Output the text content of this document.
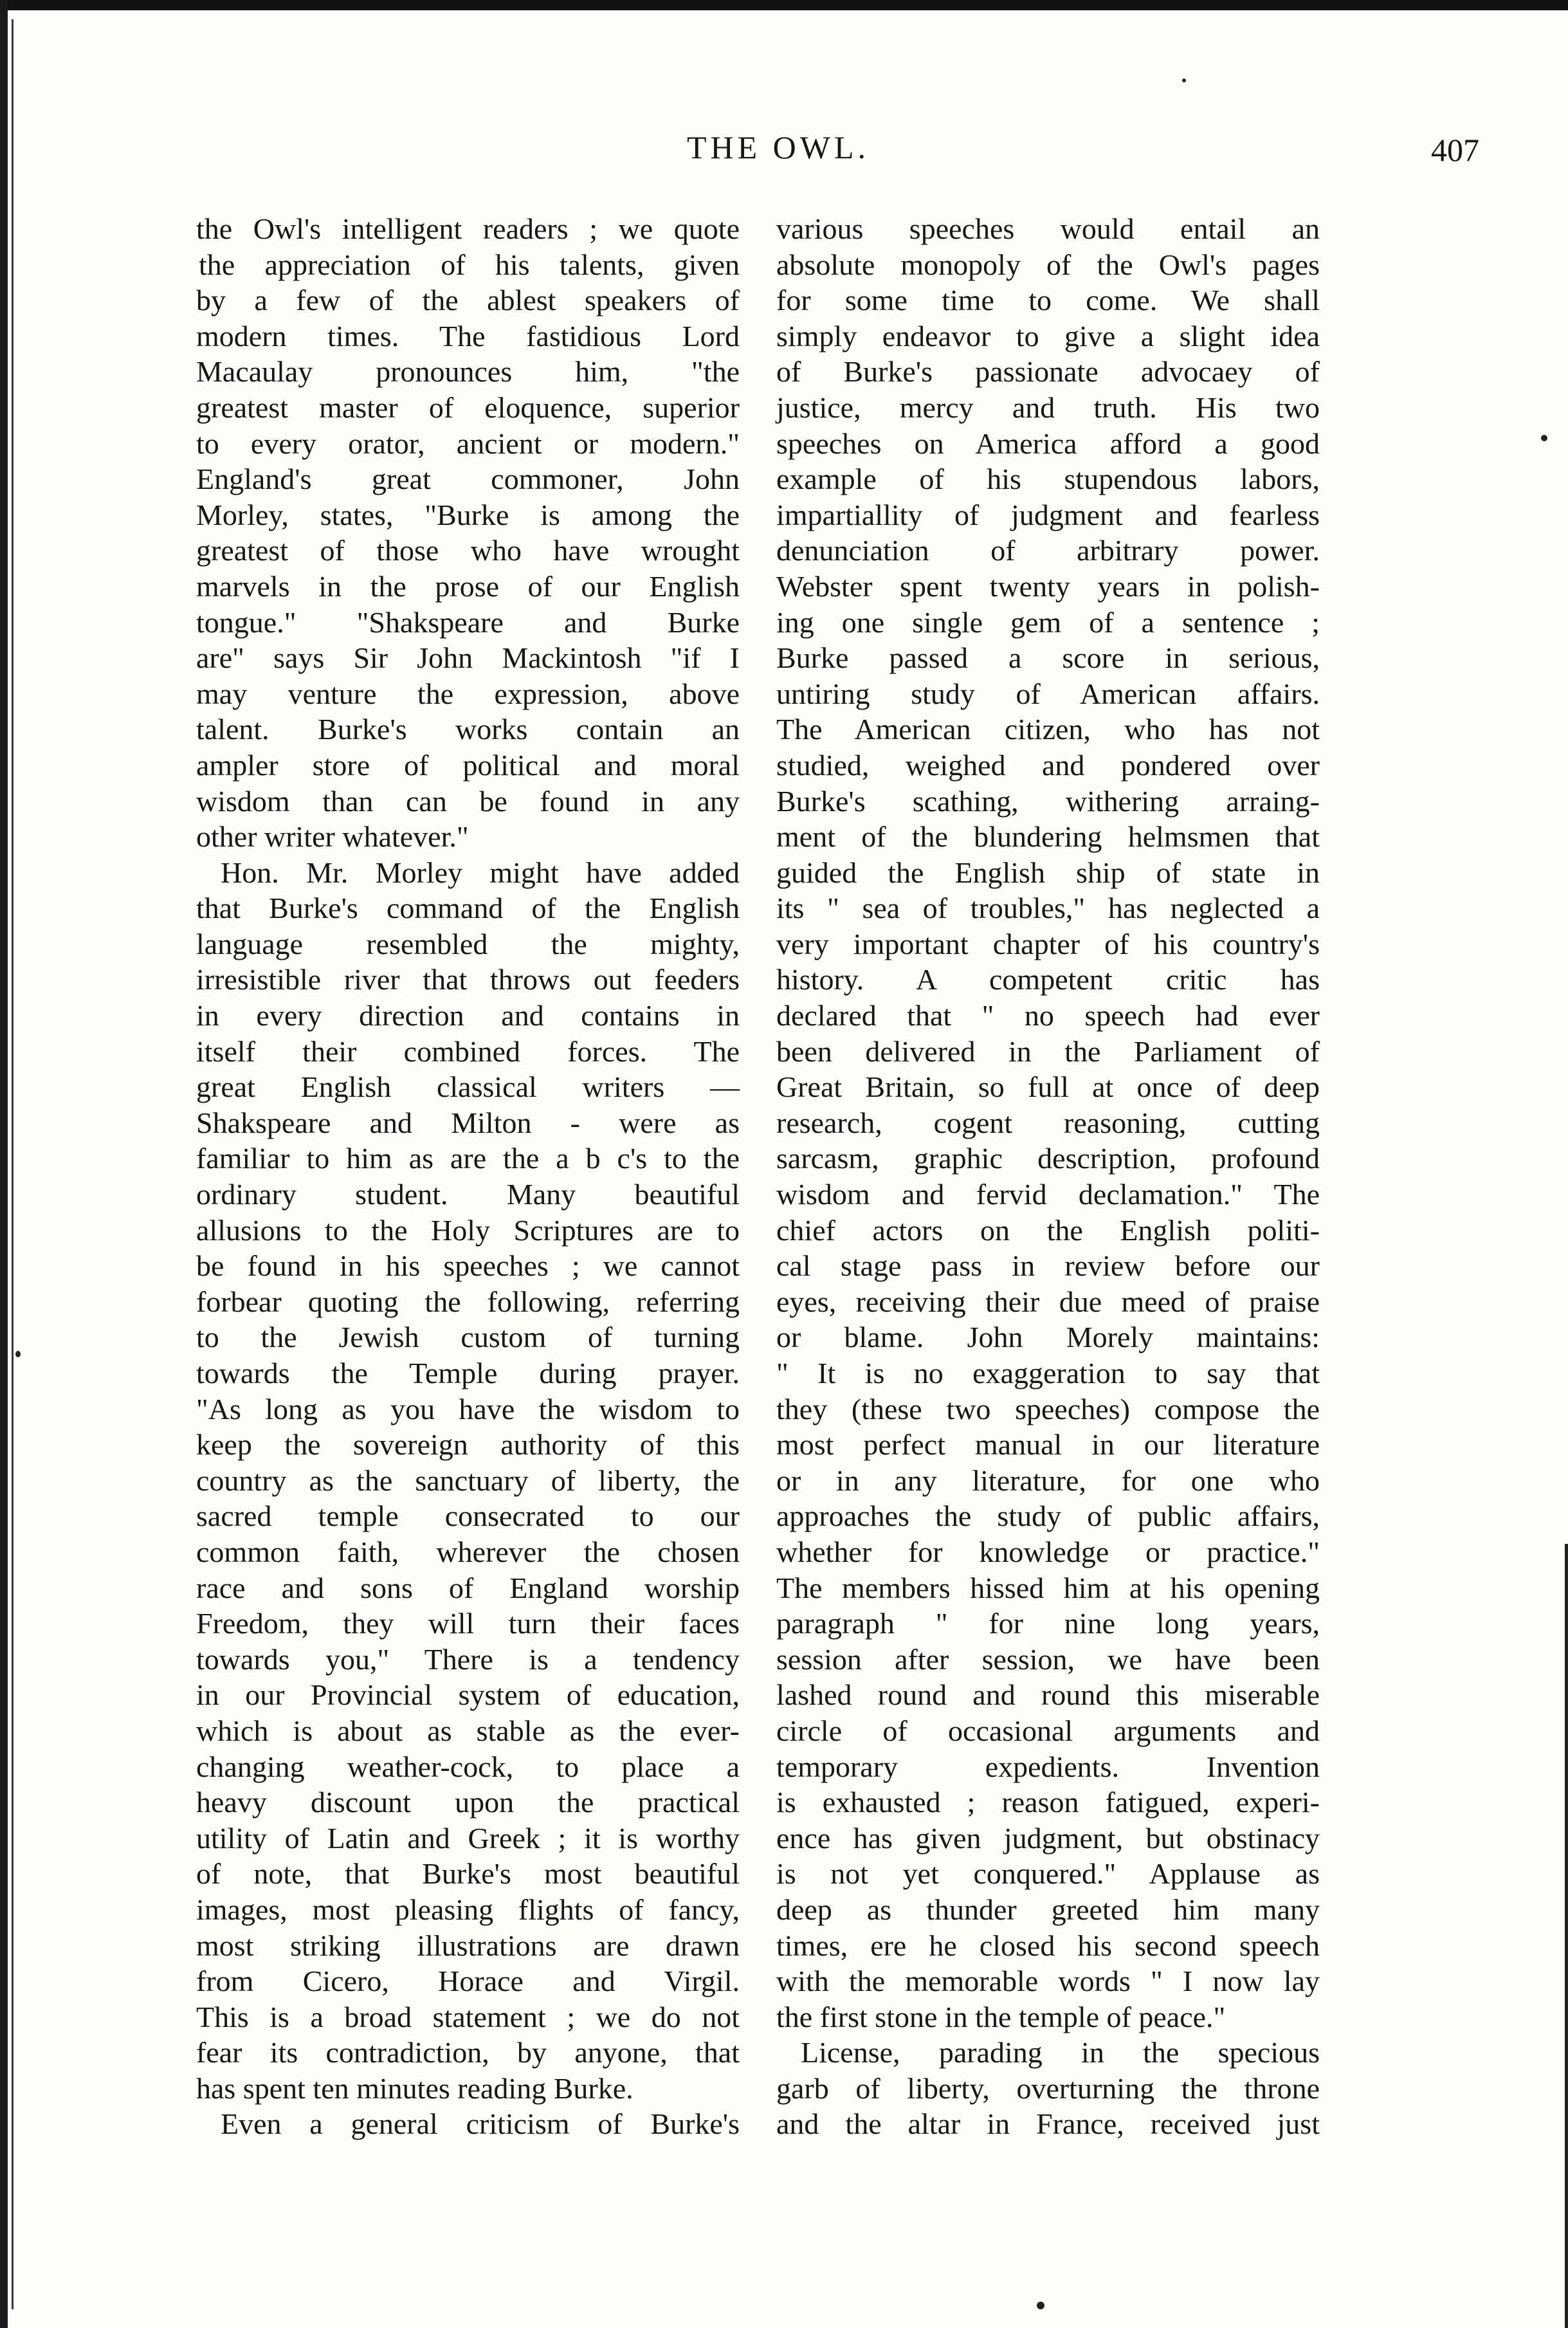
THE OWL.	407
the Owl's intelligent readers ; we quote
the appreciation of his talents, given
by a few of the ablest speakers of
modern times. The fastidious Lord
Macaulay pronounces him, "the
greatest master of eloquence, superior
to every orator, ancient or modern."
England's great commoner, John
Morley, states, "Burke is among the
greatest of those who have wrought
marvels in the prose of our English
tongue." "Shakspeare and Burke
are" says Sir John Mackintosh "if I
may venture the expression, above
talent. Burke's works contain an
ampler store of political and moral
wisdom than can be found in any
other writer whatever."
Hon. Mr. Morley might have added
that Burke's command of the English
language resembled the mighty,
irresistible river that throws out feeders
in every direction and contains in
itself their combined forces. The
great English classical writers —
Shakspeare and Milton - were as
familiar to him as are the a b c's to the
ordinary student. Many beautiful
allusions to the Holy Scriptures are to
be found in his speeches ; we cannot
forbear quoting the following, referring
to the Jewish custom of turning
towards the Temple during prayer.
"As long as you have the wisdom to
keep the sovereign authority of this
country as the sanctuary of liberty, the
sacred temple consecrated to our
common faith, wherever the chosen
race and sons of England worship
Freedom, they will turn their faces
towards you," There is a tendency
in our Provincial system of education,
which is about as stable as the ever-
changing weather-cock, to place a
heavy discount upon the practical
utility of Latin and Greek ; it is worthy
of note, that Burke's most beautiful
images, most pleasing flights of fancy,
most striking illustrations are drawn
from Cicero, Horace and Virgil.
This is a broad statement ; we do not
fear its contradiction, by anyone, that
has spent ten minutes reading Burke.
Even a general criticism of Burke's
various speeches would entail an
absolute monopoly of the Owl's pages
for some time to come. We shall
simply endeavor to give a slight idea
of Burke's passionate advocaey of
justice, mercy and truth. His two
speeches on America afford a good
example of his stupendous labors,
impartiallity of judgment and fearless
denunciation of arbitrary power.
Webster spent twenty years in polish-
ing one single gem of a sentence ;
Burke passed a score in serious,
untiring study of American affairs.
The American citizen, who has not
studied, weighed and pondered over
Burke's scathing, withering arraing-
ment of the blundering helmsmen that
guided the English ship of state in
its " sea of troubles," has neglected a
very important chapter of his country's
history. A competent critic has
declared that " no speech had ever
been delivered in the Parliament of
Great Britain, so full at once of deep
research, cogent reasoning, cutting
sarcasm, graphic description, profound
wisdom and fervid declamation." The
chief actors on the English politi-
cal stage pass in review before our
eyes, receiving their due meed of praise
or blame. John Morely maintains:
" It is no exaggeration to say that
they (these two speeches) compose the
most perfect manual in our literature
or in any literature, for one who
approaches the study of public affairs,
whether for knowledge or practice."
The members hissed him at his opening
paragraph " for nine long years,
session after session, we have been
lashed round and round this miserable
circle of occasional arguments and
temporary expedients. Invention
is exhausted ; reason fatigued, experi-
ence has given judgment, but obstinacy
is not yet conquered." Applause as
deep as thunder greeted him many
times, ere he closed his second speech
with the memorable words " I now lay
the first stone in the temple of peace."
License, parading in the specious
garb of liberty, overturning the throne
and the altar in France, received just
